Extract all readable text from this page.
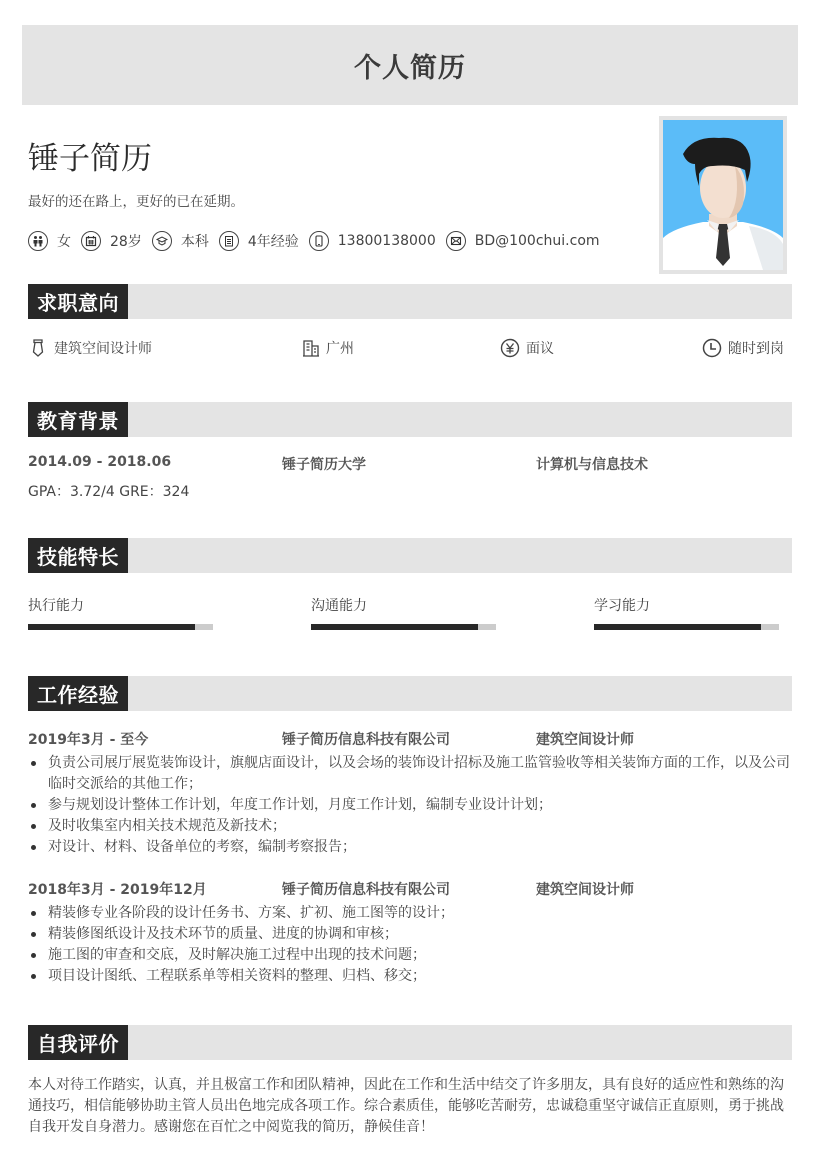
个人简历
锤子简历
最好的还在路上，更好的已在延期。
女	28岁	本科	4年经验	13800138000	BD@100chui.com
求职意向
建筑空间设计师	广州	面议	随时到岗
教育背景
2014.09 - 2018.06	锤子简历大学	计算机与信息技术
GPA：3.72/4 GRE：324
技能特长
执行能力	沟通能力	学习能力
工作经验
2019年3月 - 至今	锤子简历信息科技有限公司	建筑空间设计师
负责公司展厅展览装饰设计，旗舰店面设计，以及会场的装饰设计招标及施工监管验收等相关装饰方面的工作，以及公司临时交派给的其他工作；
参与规划设计整体工作计划，年度工作计划，月度工作计划，编制专业设计计划；
及时收集室内相关技术规范及新技术；
对设计、材料、设备单位的考察，编制考察报告；
2018年3月 - 2019年12月	锤子简历信息科技有限公司	建筑空间设计师
精装修专业各阶段的设计任务书、方案、扩初、施工图等的设计；
精装修图纸设计及技术环节的质量、进度的协调和审核；
施工图的审查和交底，及时解决施工过程中出现的技术问题；
项目设计图纸、工程联系单等相关资料的整理、归档、移交；
自我评价
本人对待工作踏实，认真，并且极富工作和团队精神，因此在工作和生活中结交了许多朋友，具有良好的适应性和熟练的沟通技巧，相信能够协助主管人员出色地完成各项工作。综合素质佳，能够吃苦耐劳，忠诚稳重坚守诚信正直原则，勇于挑战自我开发自身潜力。感谢您在百忙之中阅览我的简历，静候佳音！
